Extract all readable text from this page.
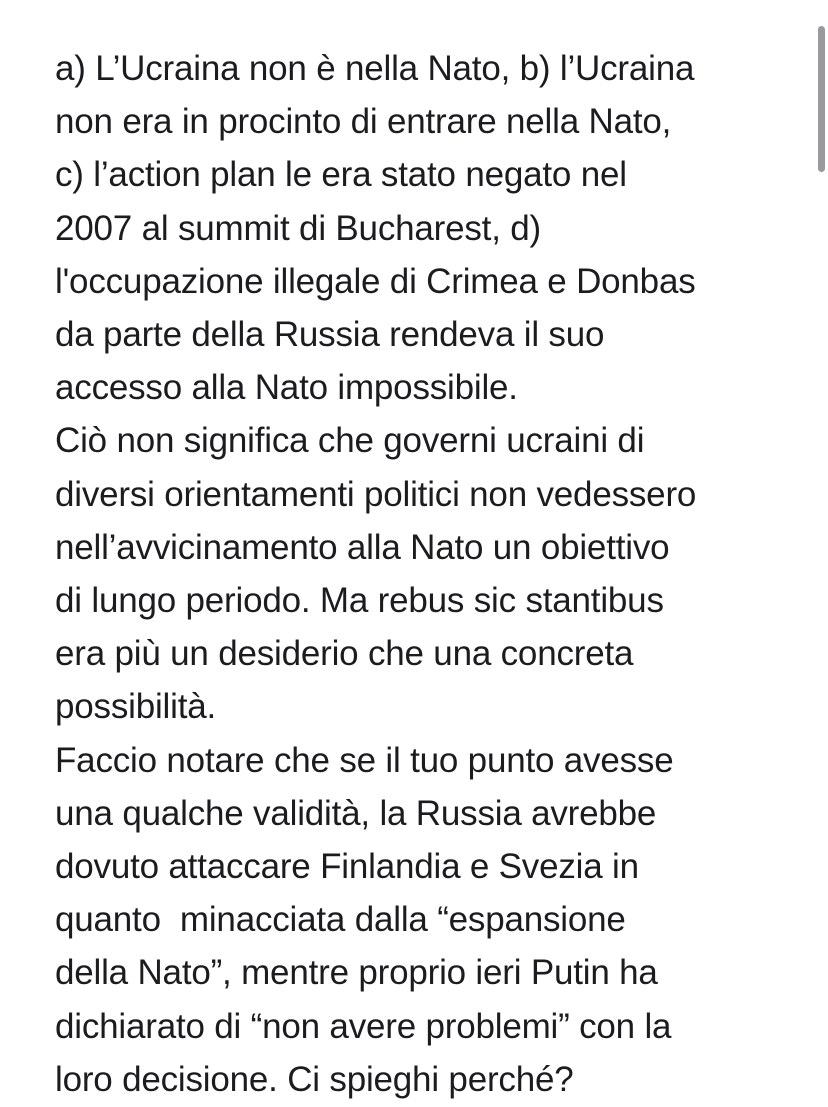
a) L’Ucraina non è nella Nato, b) l’Ucraina
non era in procinto di entrare nella Nato,
c) l’action plan le era stato negato nel
2007 al summit di Bucharest, d)
l'occupazione illegale di Crimea e Donbas
da parte della Russia rendeva il suo
accesso alla Nato impossibile.
Ciò non significa che governi ucraini di
diversi orientamenti politici non vedessero
nell’avvicinamento alla Nato un obiettivo
di lungo periodo. Ma rebus sic stantibus
era più un desiderio che una concreta
possibilità.
Faccio notare che se il tuo punto avesse
una qualche validità, la Russia avrebbe
dovuto attaccare Finlandia e Svezia in
quanto  minacciata dalla “espansione
della Nato”, mentre proprio ieri Putin ha
dichiarato di “non avere problemi” con la
loro decisione. Ci spieghi perché?
